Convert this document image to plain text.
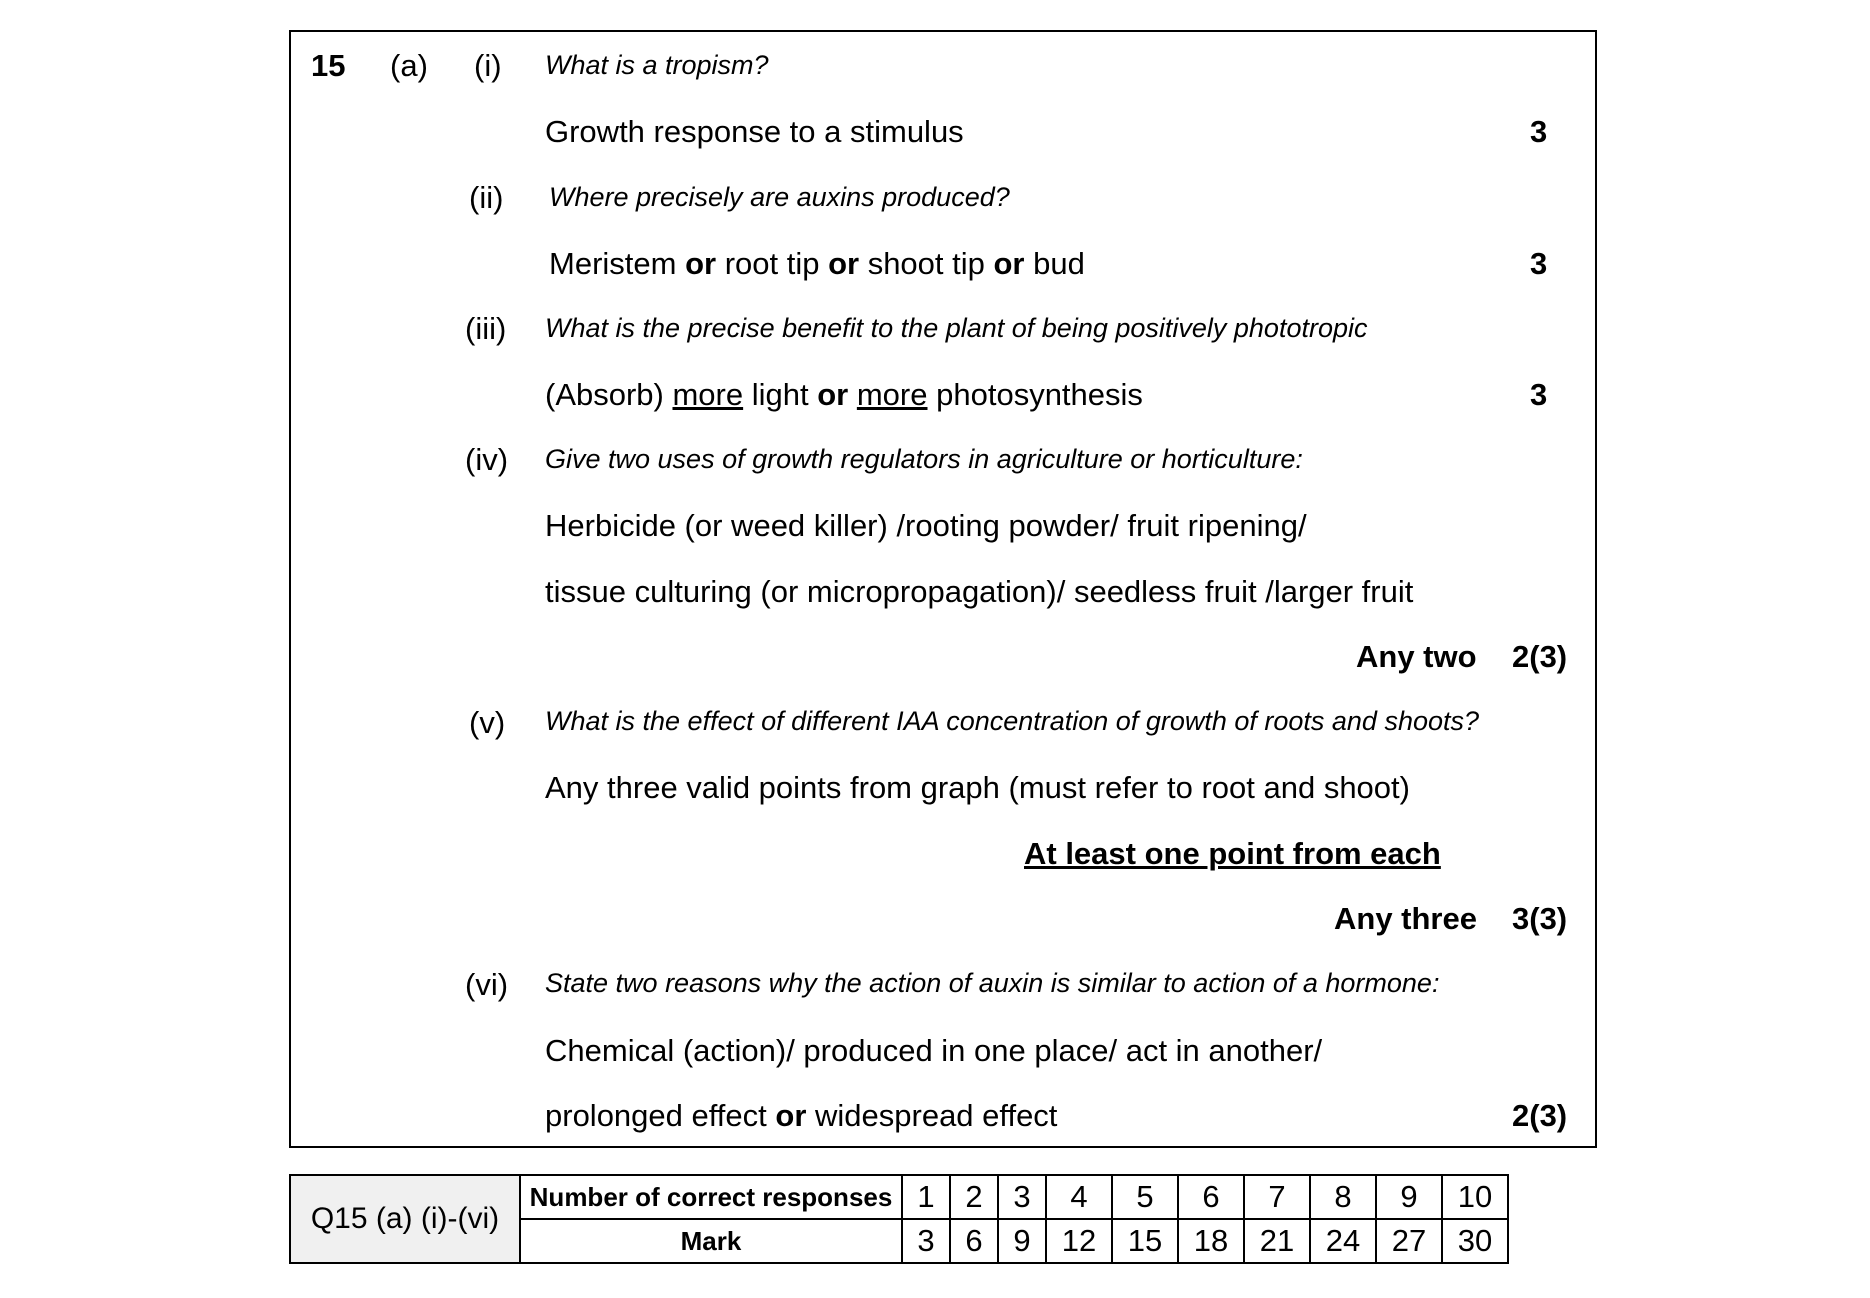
15 (a) (i) What is a tropism?
Growth response to a stimulus	3
(ii) Where precisely are auxins produced?
Meristem or root tip or shoot tip or bud	3
(iii) What is the precise benefit to the plant of being positively phototropic
(Absorb) more light or more photosynthesis	3
(iv) Give two uses of growth regulators in agriculture or horticulture:
Herbicide (or weed killer) /rooting powder/ fruit ripening/
tissue culturing (or micropropagation)/ seedless fruit /larger fruit
Any two 2(3)
(v) What is the effect of different IAA concentration of growth of roots and shoots?
Any three valid points from graph (must refer to root and shoot)
At least one point from each
Any three 3(3)
(vi) State two reasons why the action of auxin is similar to action of a hormone:
Chemical (action)/ produced in one place/ act in another/
prolonged effect or widespread effect	2(3)
Q15 (a) (i)-(vi)	Number of correct responses	1	2	3	4	5	6	7	8	9	10
	Mark	3	6	9	12	15	18	21	24	27	30
